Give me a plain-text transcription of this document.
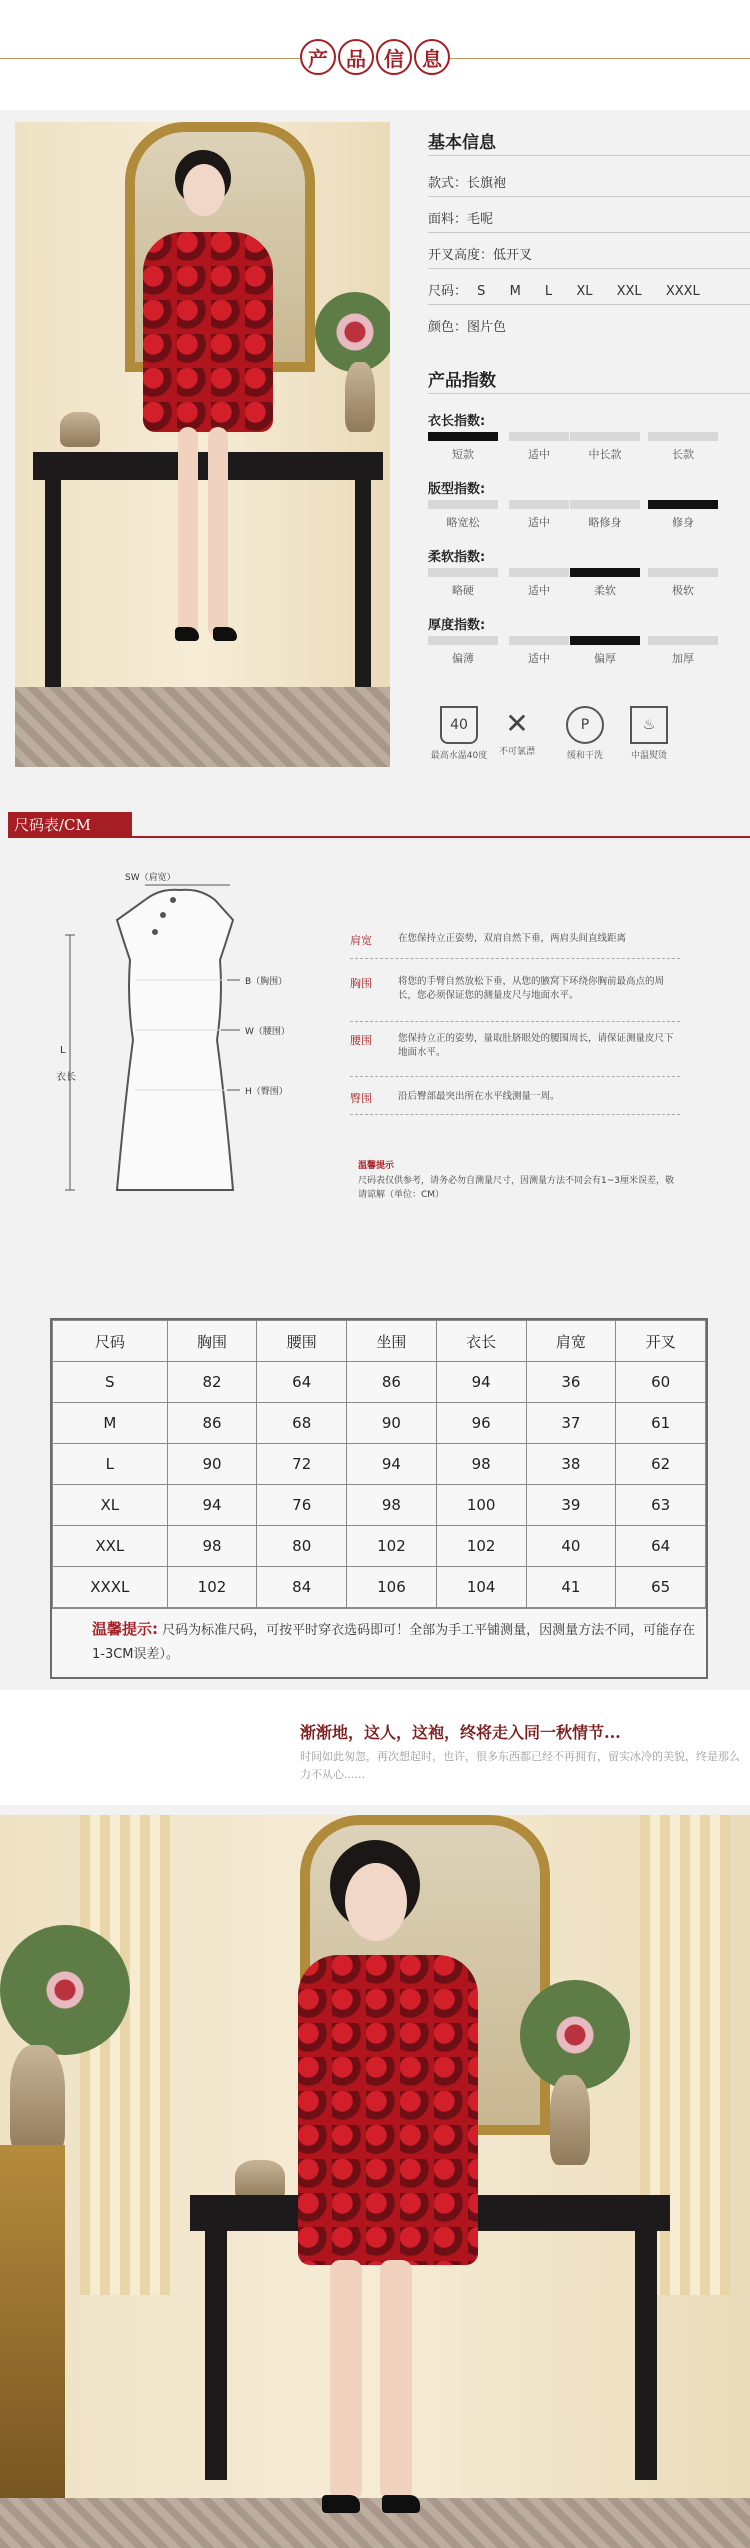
产 品 信 息
基本信息
款式：长旗袍
面料：毛呢
开叉高度：低开叉
尺码： S M L XL XXL XXXL
颜色：图片色
产品指数
衣长指数:
短款	适中	中长款	长款
版型指数:
略宽松	适中	略修身	修身
柔软指数:
略硬	适中	柔软	极软
厚度指数:
偏薄	适中	偏厚	加厚
40
最高水温40度
✕
不可氯漂
P
缓和干洗
♨
中温熨烫
尺码表/CM
SW（肩宽）
B（胸围）
W（腰围）
H（臀围）
L
衣长
肩宽	在您保持立正姿势，双肩自然下垂，两肩头间直线距离
胸围	将您的手臂自然放松下垂，从您的腋窝下环绕你胸前最高点的周长，您必须保证您的测量皮尺与地面水平。
腰围	您保持立正的姿势，量取肚脐眼处的腰围周长，请保证测量皮尺下地面水平。
臀围	沿后臀部最突出所在水平线测量一周。
温馨提示
尺码表仅供参考，请务必勿自测量尺寸，因测量方法不同会有1~3厘米误差，敬请谅解（单位：CM）
尺码	胸围	腰围	坐围	衣长	肩宽	开叉
S	82	64	86	94	36	60
M	86	68	90	96	37	61
L	90	72	94	98	38	62
XL	94	76	98	100	39	63
XXL	98	80	102	102	40	64
XXXL	102	84	106	104	41	65
温馨提示: 尺码为标准尺码，可按平时穿衣选码即可！全部为手工平铺测量，因测量方法不同，可能存在1-3CM误差）。
渐渐地，这人，这袍，终将走入同一秋情节...
时间如此匆忽，再次想起时，也许，很多东西都已经不再拥有，留实冰冷的美貌，终是那么力不从心......
